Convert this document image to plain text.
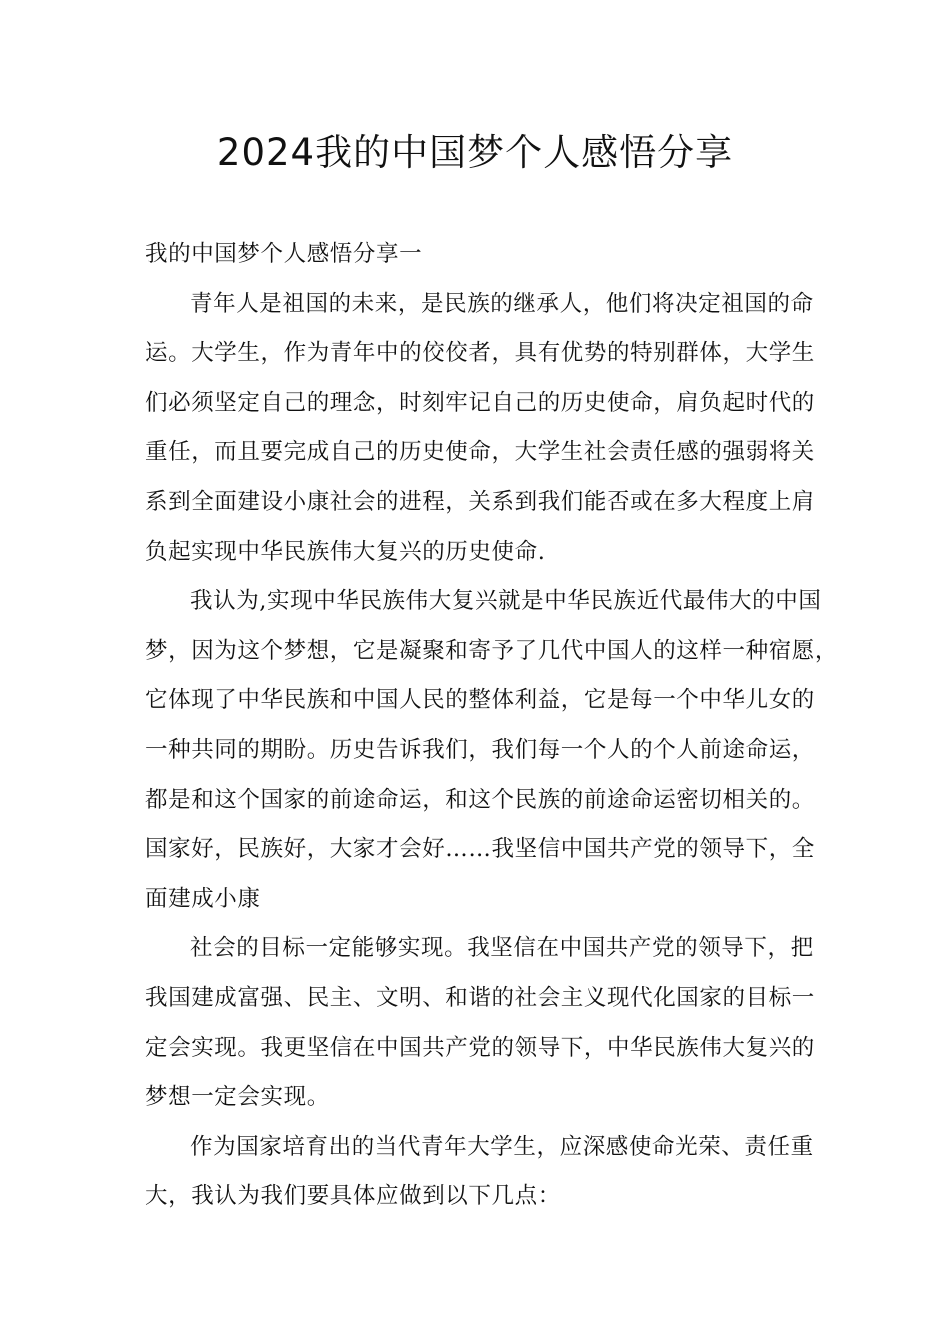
2024我的中国梦个人感悟分享
我的中国梦个人感悟分享一
青年人是祖国的未来，是民族的继承人，他们将决定祖国的命
运。大学生，作为青年中的佼佼者，具有优势的特别群体，大学生
们必须坚定自己的理念，时刻牢记自己的历史使命，肩负起时代的
重任，而且要完成自己的历史使命，大学生社会责任感的强弱将关
系到全面建设小康社会的进程，关系到我们能否或在多大程度上肩
负起实现中华民族伟大复兴的历史使命.
我认为,实现中华民族伟大复兴就是中华民族近代最伟大的中国
梦，因为这个梦想，它是凝聚和寄予了几代中国人的这样一种宿愿，
它体现了中华民族和中国人民的整体利益，它是每一个中华儿女的
一种共同的期盼。历史告诉我们，我们每一个人的个人前途命运，
都是和这个国家的前途命运，和这个民族的前途命运密切相关的。
国家好，民族好，大家才会好……我坚信中国共产党的领导下，全
面建成小康
社会的目标一定能够实现。我坚信在中国共产党的领导下，把
我国建成富强、民主、文明、和谐的社会主义现代化国家的目标一
定会实现。我更坚信在中国共产党的领导下，中华民族伟大复兴的
梦想一定会实现。
作为国家培育出的当代青年大学生，应深感使命光荣、责任重
大，我认为我们要具体应做到以下几点：
